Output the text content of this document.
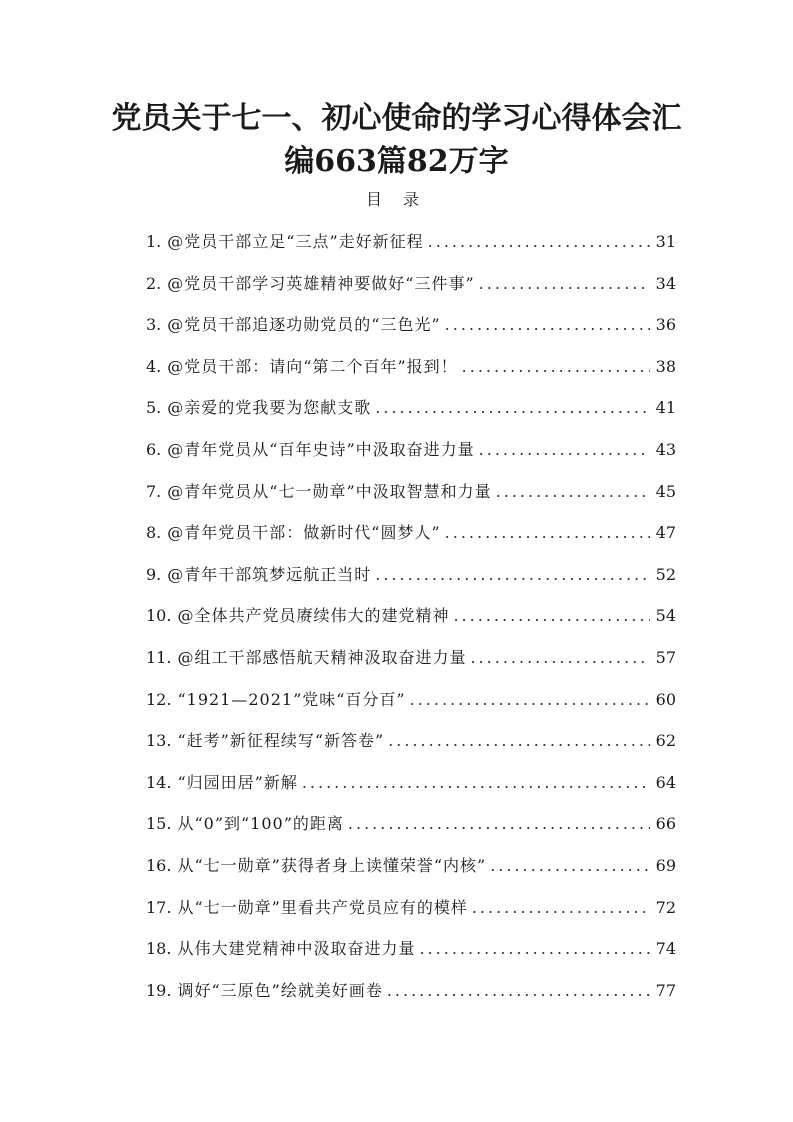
党员关于七一、初心使命的学习心得体会汇
编663篇82万字
目 录
1. @党员干部立足“三点”走好新征程 .....	31
2. @党员干部学习英雄精神要做好“三件事” .....	34
3. @党员干部追逐功勋党员的“三色光” .....	36
4. @党员干部：请向“第二个百年”报到！ .....	38
5. @亲爱的党我要为您献支歌 .....	41
6. @青年党员从“百年史诗”中汲取奋进力量 .....	43
7. @青年党员从“七一勋章”中汲取智慧和力量 .....	45
8. @青年党员干部：做新时代“圆梦人” .....	47
9. @青年干部筑梦远航正当时 .....	52
10. @全体共产党员赓续伟大的建党精神 .....	54
11. @组工干部感悟航天精神汲取奋进力量 .....	57
12. “1921—2021”党味“百分百” .....	60
13. “赶考”新征程续写“新答卷” .....	62
14. “归园田居”新解 .....	64
15. 从“0”到“100”的距离 .....	66
16. 从“七一勋章”获得者身上读懂荣誉“内核” .....	69
17. 从“七一勋章”里看共产党员应有的模样 .....	72
18. 从伟大建党精神中汲取奋进力量 .....	74
19. 调好“三原色”绘就美好画卷 .....	77
